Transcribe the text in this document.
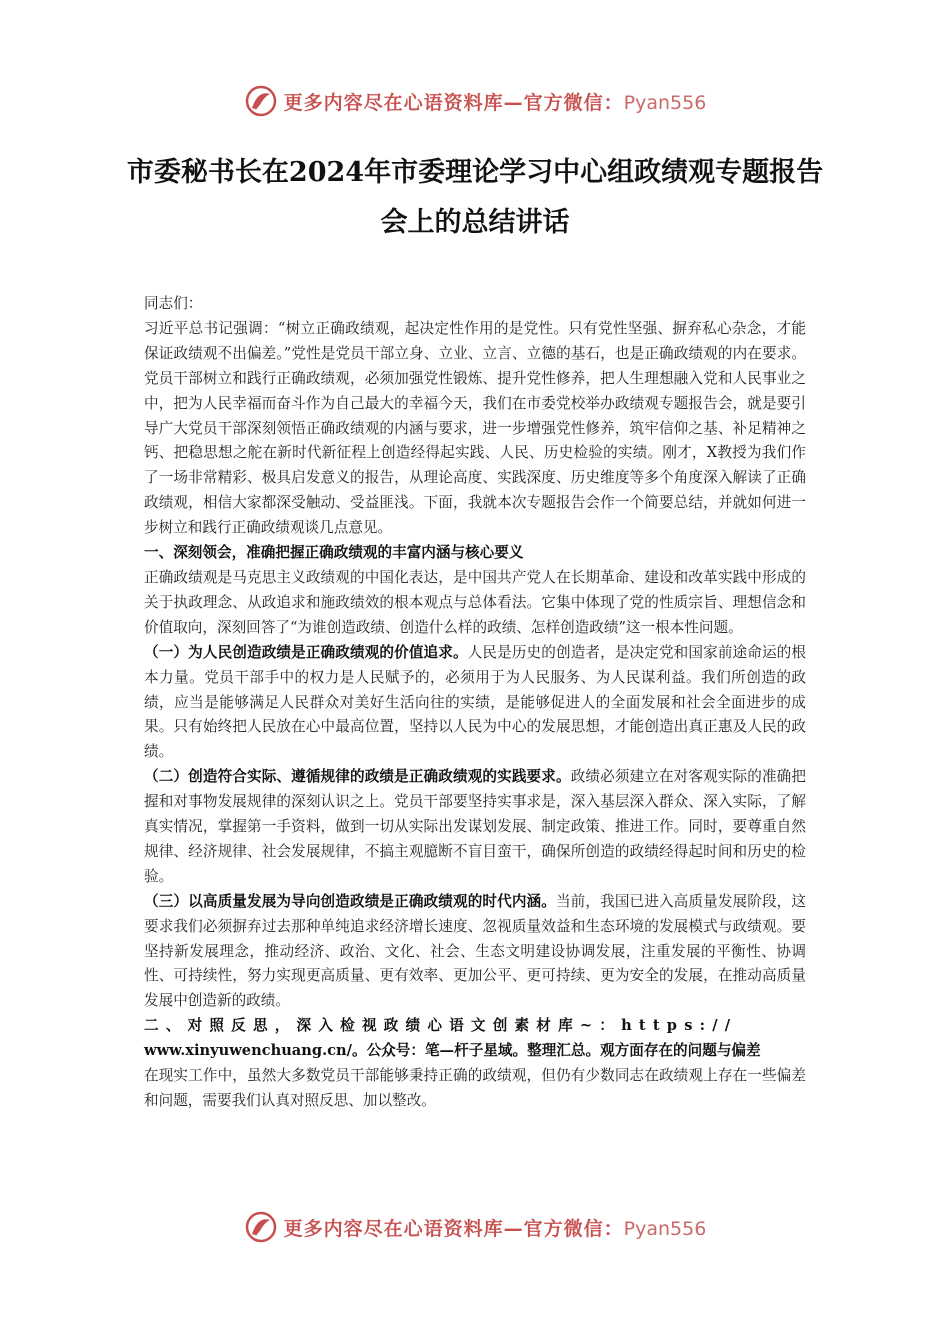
更多内容尽在心语资料库—官方微信：Pyan556
市委秘书长在2024年市委理论学习中心组政绩观专题报告会上的总结讲话

同志们：

习近平总书记强调：“树立正确政绩观，起决定性作用的是党性。只有党性坚强、摒弃私心杂念，才能保证政绩观不出偏差。”党性是党员干部立身、立业、立言、立德的基石，也是正确政绩观的内在要求。党员干部树立和践行正确政绩观，必须加强党性锻炼、提升党性修养，把人生理想融入党和人民事业之中，把为人民幸福而奋斗作为自己最大的幸福今天，我们在市委党校举办政绩观专题报告会，就是要引导广大党员干部深刻领悟正确政绩观的内涵与要求，进一步增强党性修养，筑牢信仰之基、补足精神之钙、把稳思想之舵在新时代新征程上创造经得起实践、人民、历史检验的实绩。刚才，X教授为我们作了一场非常精彩、极具启发意义的报告，从理论高度、实践深度、历史维度等多个角度深入解读了正确政绩观，相信大家都深受触动、受益匪浅。下面，我就本次专题报告会作一个简要总结，并就如何进一步树立和践行正确政绩观谈几点意见。

一、深刻领会，准确把握正确政绩观的丰富内涵与核心要义

正确政绩观是马克思主义政绩观的中国化表达，是中国共产党人在长期革命、建设和改革实践中形成的关于执政理念、从政追求和施政绩效的根本观点与总体看法。它集中体现了党的性质宗旨、理想信念和价值取向，深刻回答了“为谁创造政绩、创造什么样的政绩、怎样创造政绩”这一根本性问题。

（一）为人民创造政绩是正确政绩观的价值追求。人民是历史的创造者，是决定党和国家前途命运的根本力量。党员干部手中的权力是人民赋予的，必须用于为人民服务、为人民谋利益。我们所创造的政绩，应当是能够满足人民群众对美好生活向往的实绩，是能够促进人的全面发展和社会全面进步的成果。只有始终把人民放在心中最高位置，坚持以人民为中心的发展思想，才能创造出真正惠及人民的政绩。

（二）创造符合实际、遵循规律的政绩是正确政绩观的实践要求。政绩必须建立在对客观实际的准确把握和对事物发展规律的深刻认识之上。党员干部要坚持实事求是，深入基层深入群众、深入实际，了解真实情况，掌握第一手资料，做到一切从实际出发谋划发展、制定政策、推进工作。同时，要尊重自然规律、经济规律、社会发展规律，不搞主观臆断不盲目蛮干，确保所创造的政绩经得起时间和历史的检验。

（三）以高质量发展为导向创造政绩是正确政绩观的时代内涵。当前，我国已进入高质量发展阶段，这要求我们必须摒弃过去那种单纯追求经济增长速度、忽视质量效益和生态环境的发展模式与政绩观。要坚持新发展理念，推动经济、政治、文化、社会、生态文明建设协调发展，注重发展的平衡性、协调性、可持续性，努力实现更高质量、更有效率、更加公平、更可持续、更为安全的发展，在推动高质量发展中创造新的政绩。

二、对照反思，深入检视政绩心语文创素材库~：https://

www.xinyuwenchuang.cn/。公众号：笔—杆子星域。整理汇总。观方面存在的问题与偏差

在现实工作中，虽然大多数党员干部能够秉持正确的政绩观，但仍有少数同志在政绩观上存在一些偏差和问题，需要我们认真对照反思、加以整改。

更多内容尽在心语资料库—官方微信：Pyan556
